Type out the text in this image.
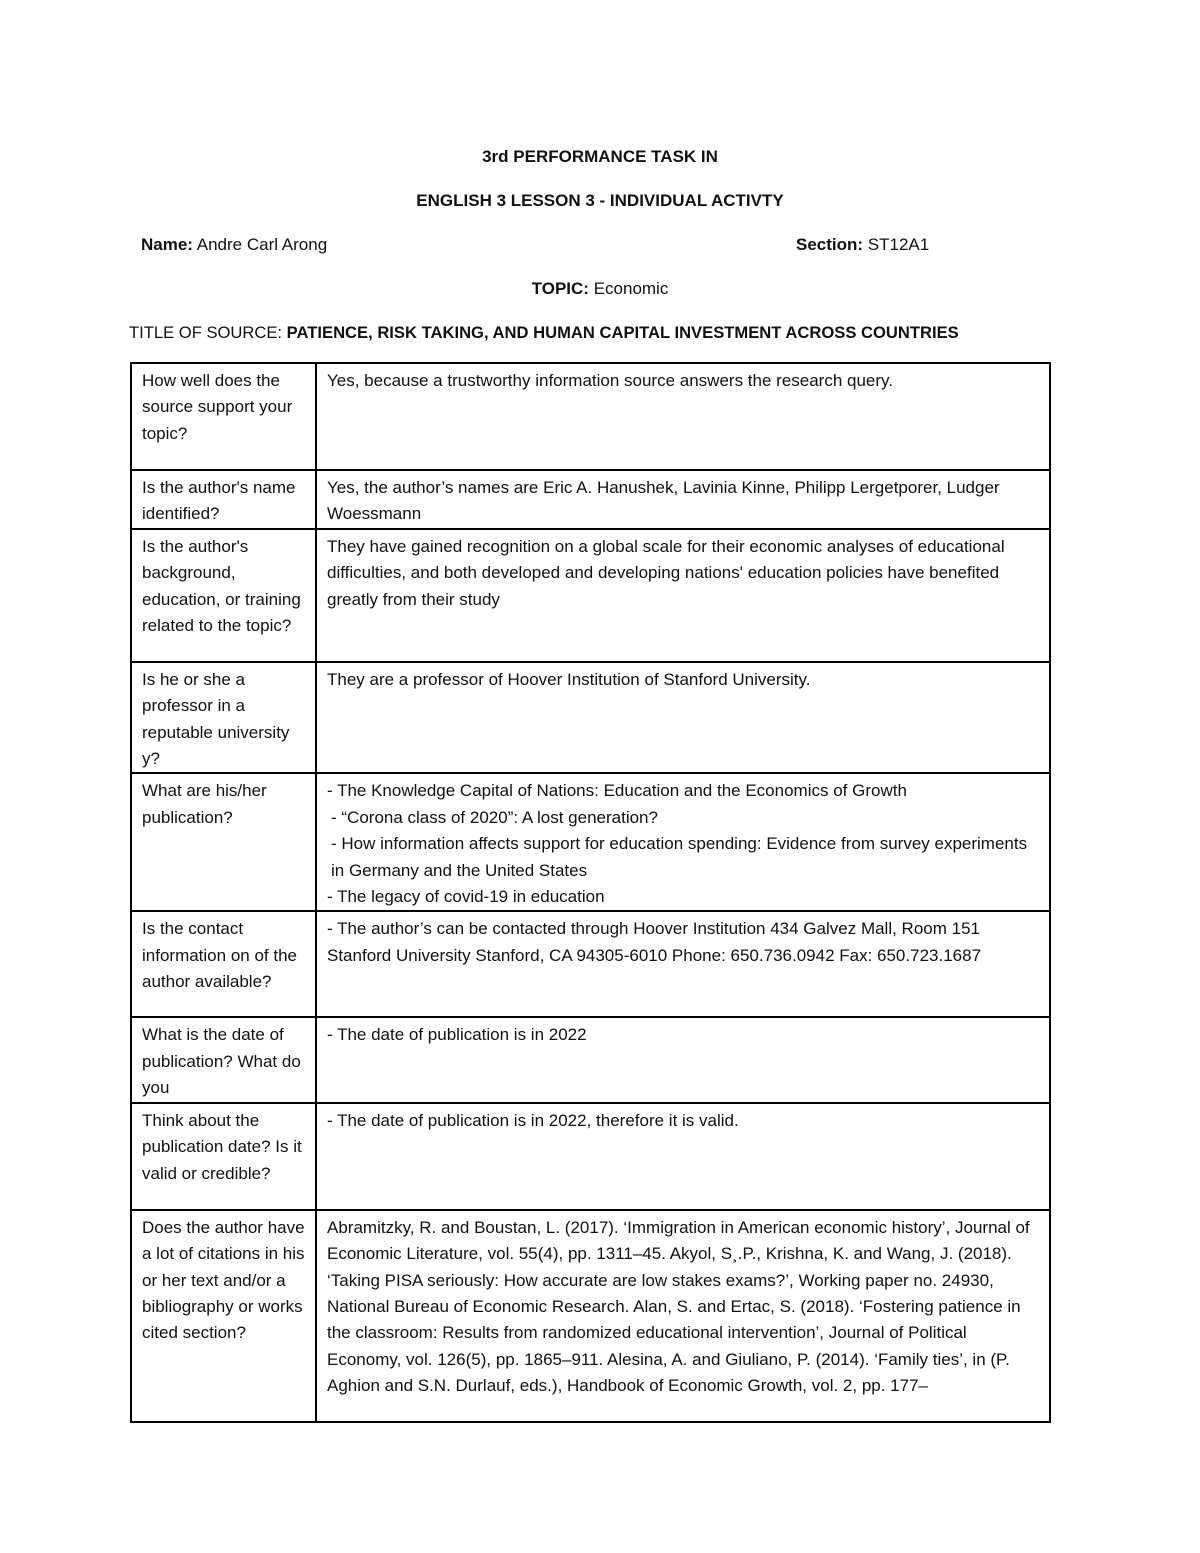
3rd PERFORMANCE TASK IN
ENGLISH 3 LESSON 3 - INDIVIDUAL ACTIVTY
Name: Andre Carl Arong	Section: ST12A1
TOPIC: Economic
TITLE OF SOURCE: PATIENCE, RISK TAKING, AND HUMAN CAPITAL INVESTMENT ACROSS COUNTRIES
How well does the source support your topic?	Yes, because a trustworthy information source answers the research query.

Is the author's name identified?	Yes, the author’s names are Eric A. Hanushek, Lavinia Kinne, Philipp Lergetporer, Ludger Woessmann

Is the author's background, education, or training related to the topic?	They have gained recognition on a global scale for their economic analyses of educational difficulties, and both developed and developing nations' education policies have benefited greatly from their study

Is he or she a professor in a reputable university y?	They are a professor of Hoover Institution of Stanford University.

What are his/her publication?	- The Knowledge Capital of Nations: Education and the Economics of Growth
- “Corona class of 2020”: A lost generation?
- How information affects support for education spending: Evidence from survey experiments in Germany and the United States
- The legacy of covid-19 in education

Is the contact information on of the author available?	- The author’s can be contacted through Hoover Institution 434 Galvez Mall, Room 151 Stanford University Stanford, CA 94305-6010 Phone: 650.736.0942 Fax: 650.723.1687

What is the date of publication? What do you	- The date of publication is in 2022

Think about the publication date? Is it valid or credible?	- The date of publication is in 2022, therefore it is valid.

Does the author have a lot of citations in his or her text and/or a bibliography or works cited section?	Abramitzky, R. and Boustan, L. (2017). ‘Immigration in American economic history’, Journal of Economic Literature, vol. 55(4), pp. 1311–45. Akyol, S¸.P., Krishna, K. and Wang, J. (2018). ‘Taking PISA seriously: How accurate are low stakes exams?’, Working paper no. 24930, National Bureau of Economic Research. Alan, S. and Ertac, S. (2018). ‘Fostering patience in the classroom: Results from randomized educational intervention’, Journal of Political Economy, vol. 126(5), pp. 1865–911. Alesina, A. and Giuliano, P. (2014). ‘Family ties’, in (P. Aghion and S.N. Durlauf, eds.), Handbook of Economic Growth, vol. 2, pp. 177–
